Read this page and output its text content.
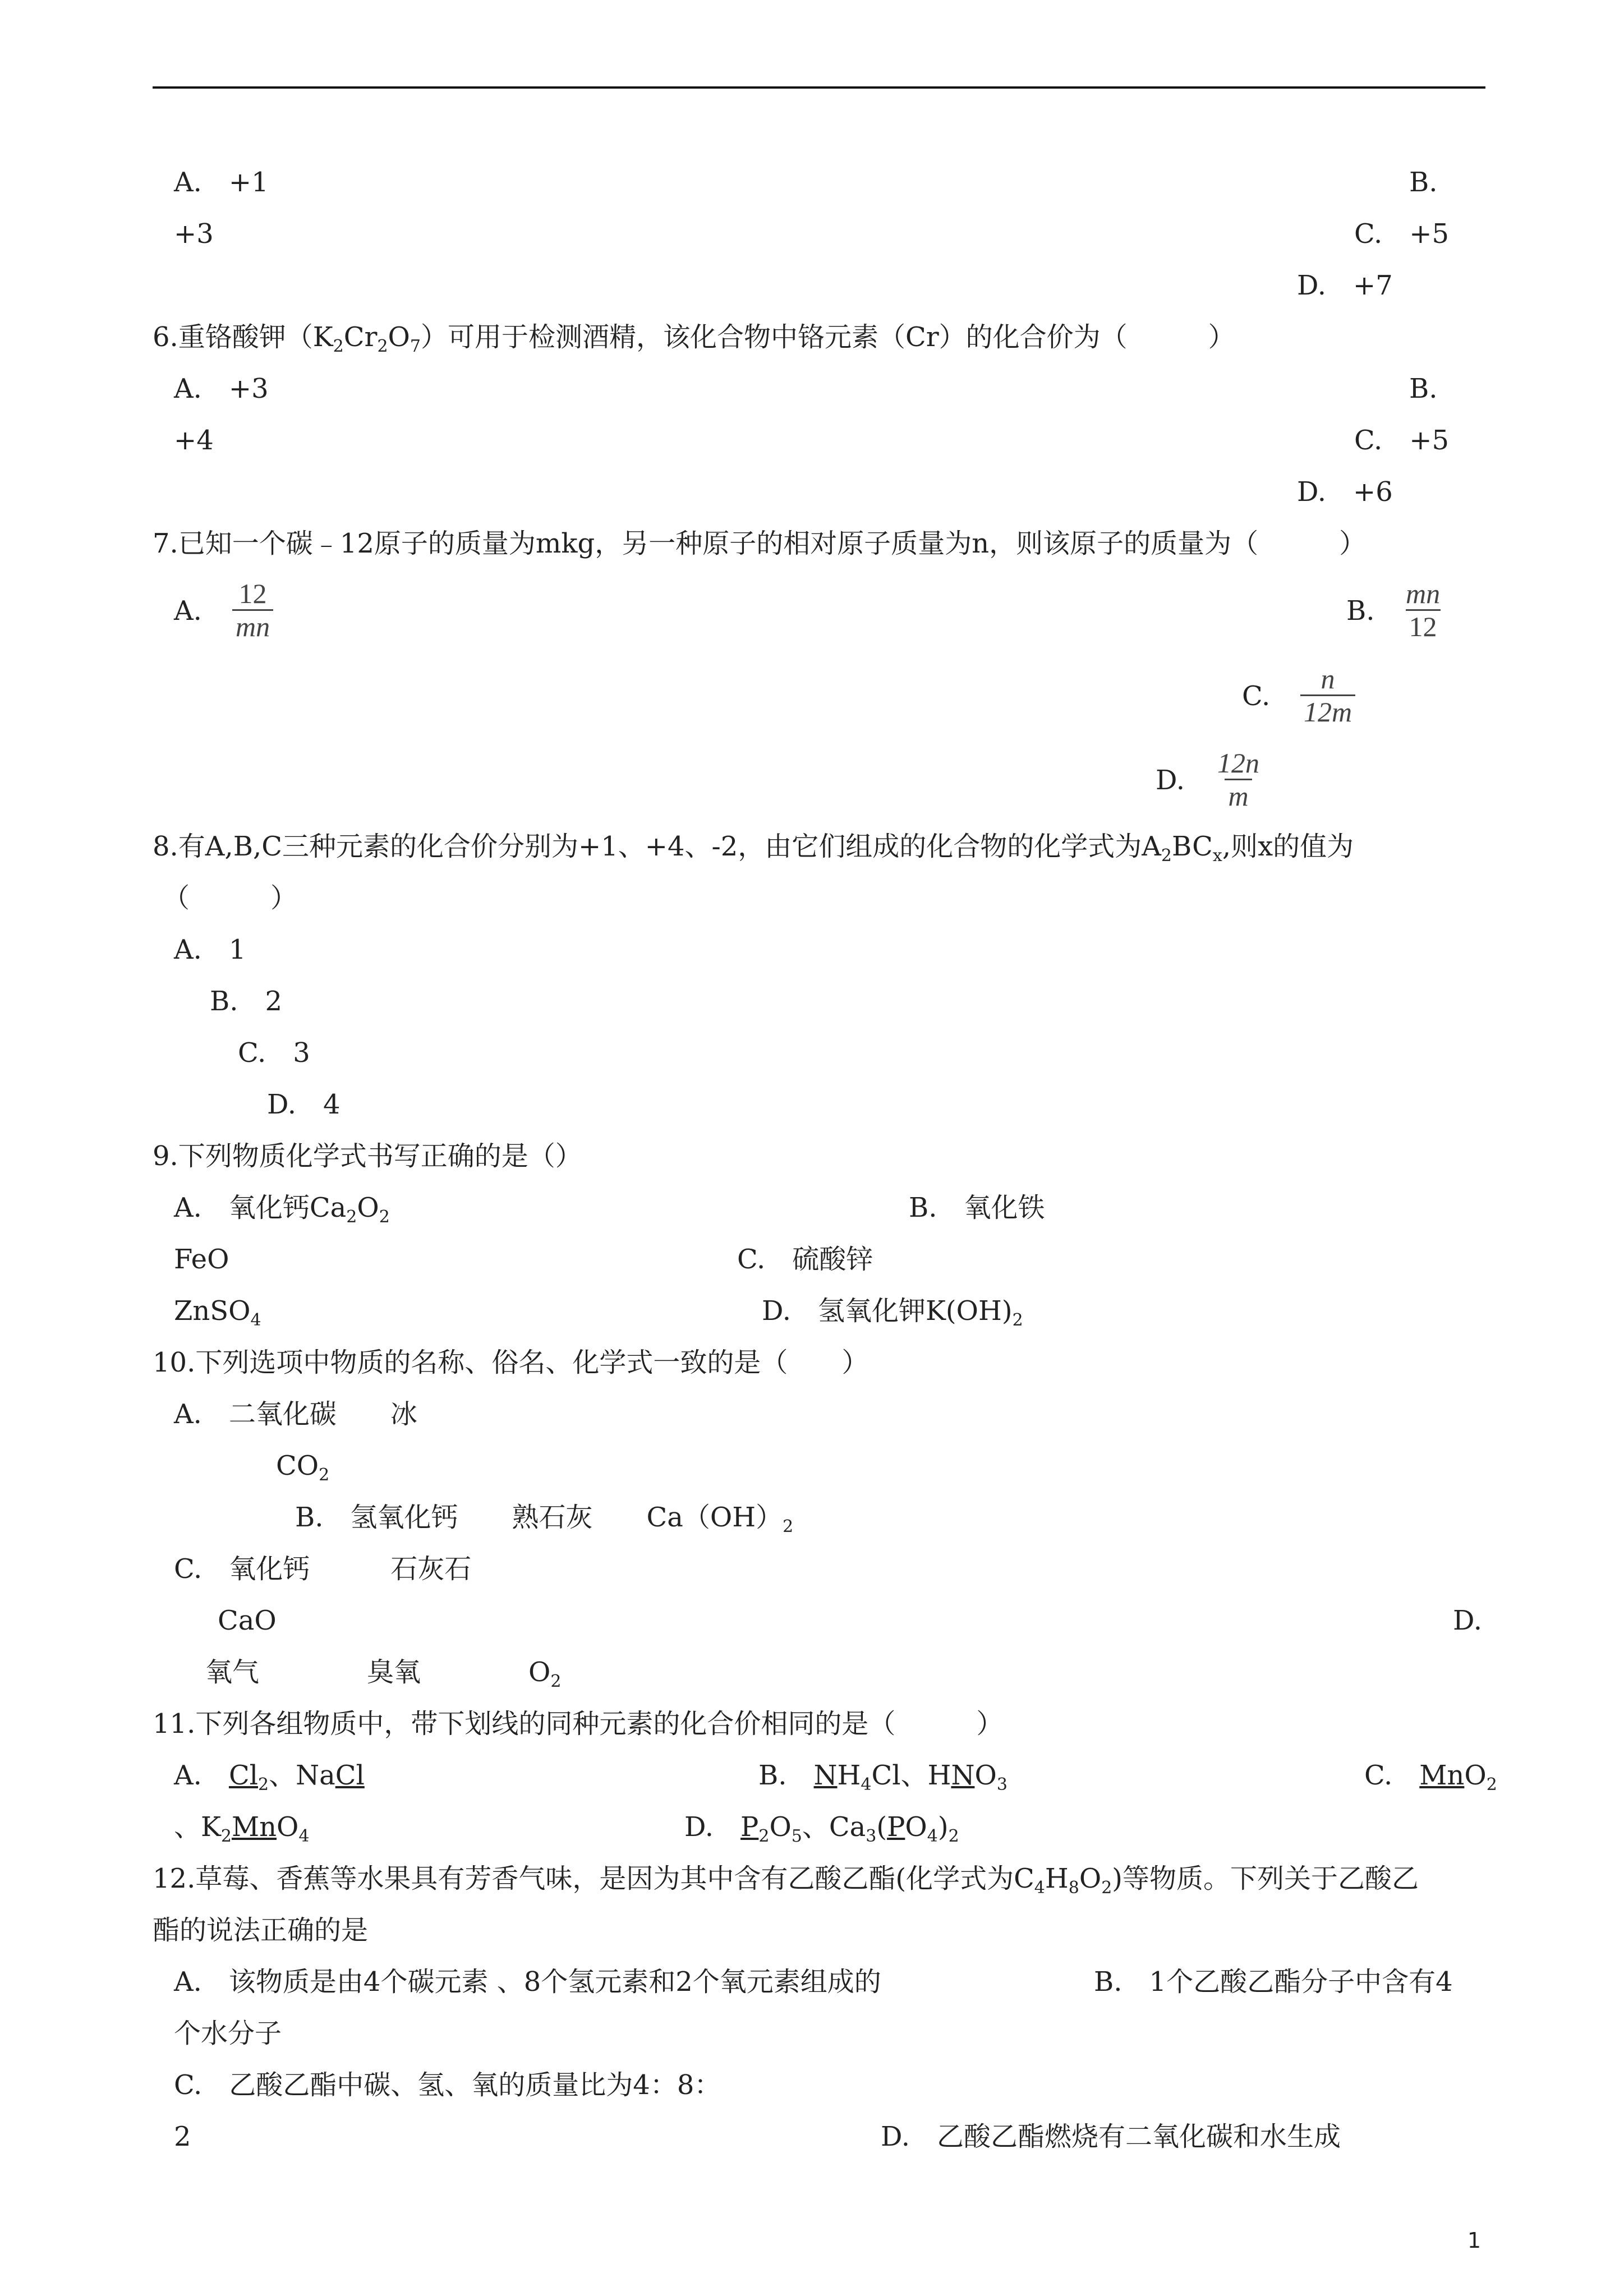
A.　+1	B.
+3	C.　+5
D.　+7
6.重铬酸钾$(K_2Cr_2O_7)$可用于检测酒精，该化合物中铬元素（Cr）的化合价为（　　　）
A.　+3	B.
+4	C.　+5
D.　+6
7.已知一个碳﹣12原子的质量为mkg，另一种原子的相对原子质量为n，则该原子的质量为（　　　）
A. $\frac{12}{mn}$	B. $\frac{mn}{12}$
C. $\frac{n}{12m}$
D. $\frac{12n}{m}$
8.有A,B,C三种元素的化合价分别为+1、+4、-2，由它们组成的化合物的化学式为$A_2BC_x$,则x的值为
（　　　）
A.　1
B.　2
C.　3
D.　4
9.下列物质化学式书写正确的是（）
A.　氧化钙$Ca_2O_2$	B.　氧化铁
FeO	C.　硫酸锌
ZnSO$_4$	D.　氢氧化钾$K(OH)_2$
10.下列选项中物质的名称、俗名、化学式一致的是（　　）
A.　二氧化碳　　冰
$CO_2$
B.　氢氧化钙　　熟石灰　　$Ca(OH)_2$
C.　氧化钙　　　石灰石
CaO	D.
氧气　　　　臭氧　　　　$O_2$
11.下列各组物质中，带下划线的同种元素的化合价相同的是（　　　）
A.　$Cl_2$、NaCl	B.　$NH_4Cl$、$HNO_3$	C.　MnO$_2$
、$K_2MnO_4$	D.　$P_2O_5$、$Ca_3(PO_4)_2$
12.草莓、香蕉等水果具有芳香气味，是因为其中含有乙酸乙酯(化学式为$C_4H_8O_2$)等物质。下列关于乙酸乙
酯的说法正确的是
A.　该物质是由4个碳元素 、8个氢元素和2个氧元素组成的	B.　1个乙酸乙酯分子中含有4
个水分子
C.　乙酸乙酯中碳、氢、氧的质量比为4：8：
2	D.　乙酸乙酯燃烧有二氧化碳和水生成
1
